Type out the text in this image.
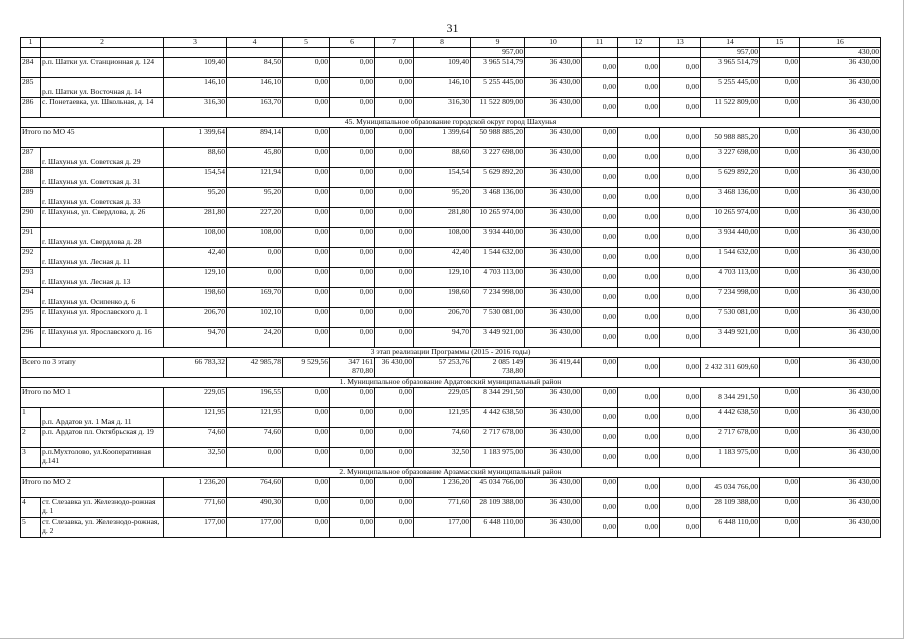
31
1	2	3	4	5	6	7	8	9	10	11	12	13	14	15	16
								957,00					957,00		430,00
284	р.п. Шатки ул. Станционная д. 124	109,40	84,50	0,00	0,00	0,00	109,40	3 965 514,79	36 430,00	0,00	0,00	0,00	3 965 514,79	0,00	36 430,00
285	р.п. Шатки ул. Восточная д. 14	146,10	146,10	0,00	0,00	0,00	146,10	5 255 445,00	36 430,00	0,00	0,00	0,00	5 255 445,00	0,00	36 430,00
286	с. Понетаевка, ул. Школьная, д. 14	316,30	163,70	0,00	0,00	0,00	316,30	11 522 809,00	36 430,00	0,00	0,00	0,00	11 522 809,00	0,00	36 430,00
45. Муниципальное образование городской округ город Шахунья															
Итого по МО 45		1 399,64	894,14	0,00	0,00	0,00	1 399,64	50 988 885,20	36 430,00	0,00	0,00	0,00	50 988 885,20	0,00	36 430,00
287	г. Шахунья ул. Советская д. 29	88,60	45,80	0,00	0,00	0,00	88,60	3 227 698,00	36 430,00	0,00	0,00	0,00	3 227 698,00	0,00	36 430,00
288	г. Шахунья ул. Советская д. 31	154,54	121,94	0,00	0,00	0,00	154,54	5 629 892,20	36 430,00	0,00	0,00	0,00	5 629 892,20	0,00	36 430,00
289	г. Шахунья ул. Советская д. 33	95,20	95,20	0,00	0,00	0,00	95,20	3 468 136,00	36 430,00	0,00	0,00	0,00	3 468 136,00	0,00	36 430,00
290	г. Шахунья, ул. Свердлова, д. 26	281,80	227,20	0,00	0,00	0,00	281,80	10 265 974,00	36 430,00	0,00	0,00	0,00	10 265 974,00	0,00	36 430,00
291	г. Шахунья ул. Свердлова д. 28	108,00	108,00	0,00	0,00	0,00	108,00	3 934 440,00	36 430,00	0,00	0,00	0,00	3 934 440,00	0,00	36 430,00
292	г. Шахунья ул. Лесная д. 11	42,40	0,00	0,00	0,00	0,00	42,40	1 544 632,00	36 430,00	0,00	0,00	0,00	1 544 632,00	0,00	36 430,00
293	г. Шахунья ул. Лесная д. 13	129,10	0,00	0,00	0,00	0,00	129,10	4 703 113,00	36 430,00	0,00	0,00	0,00	4 703 113,00	0,00	36 430,00
294	г. Шахунья ул. Осипенко д. 6	198,60	169,70	0,00	0,00	0,00	198,60	7 234 998,00	36 430,00	0,00	0,00	0,00	7 234 998,00	0,00	36 430,00
295	г. Шахунья ул. Ярославского д. 1	206,70	102,10	0,00	0,00	0,00	206,70	7 530 081,00	36 430,00	0,00	0,00	0,00	7 530 081,00	0,00	36 430,00
296	г. Шахунья ул. Ярославского д. 16	94,70	24,20	0,00	0,00	0,00	94,70	3 449 921,00	36 430,00	0,00	0,00	0,00	3 449 921,00	0,00	36 430,00
3 этап реализации Программы (2015 - 2016 годы)															
Всего по 3 этапу		66 783,32	42 985,78	9 529,56	347 161 870,80	36 430,00	57 253,76	2 085 149 738,80	36 419,44	0,00	0,00	0,00	2 432 311 609,60	0,00	36 430,00
1. Муниципальное образование Ардатовский муниципальный район															
Итого по МО 1		229,05	196,55	0,00	0,00	0,00	229,05	8 344 291,50	36 430,00	0,00	0,00	0,00	8 344 291,50	0,00	36 430,00
1	р.п. Ардатов ул. 1 Мая д. 11	121,95	121,95	0,00	0,00	0,00	121,95	4 442 638,50	36 430,00	0,00	0,00	0,00	4 442 638,50	0,00	36 430,00
2	р.п. Ардатов пл. Октябрьская д. 19	74,60	74,60	0,00	0,00	0,00	74,60	2 717 678,00	36 430,00	0,00	0,00	0,00	2 717 678,00	0,00	36 430,00
3	р.п.Мухтолово, ул.Кооперативная д.141	32,50	0,00	0,00	0,00	0,00	32,50	1 183 975,00	36 430,00	0,00	0,00	0,00	1 183 975,00	0,00	36 430,00
2. Муниципальное образование Арзамасский муниципальный район															
Итого по МО 2		1 236,20	764,60	0,00	0,00	0,00	1 236,20	45 034 766,00	36 430,00	0,00	0,00	0,00	45 034 766,00	0,00	36 430,00
4	ст. Слезавка ул. Железнодо-рожная д. 1	771,60	490,30	0,00	0,00	0,00	771,60	28 109 388,00	36 430,00	0,00	0,00	0,00	28 109 388,00	0,00	36 430,00
5	ст. Слезавка, ул. Железнодо-рожная, д. 2	177,00	177,00	0,00	0,00	0,00	177,00	6 448 110,00	36 430,00	0,00	0,00	0,00	6 448 110,00	0,00	36 430,00
